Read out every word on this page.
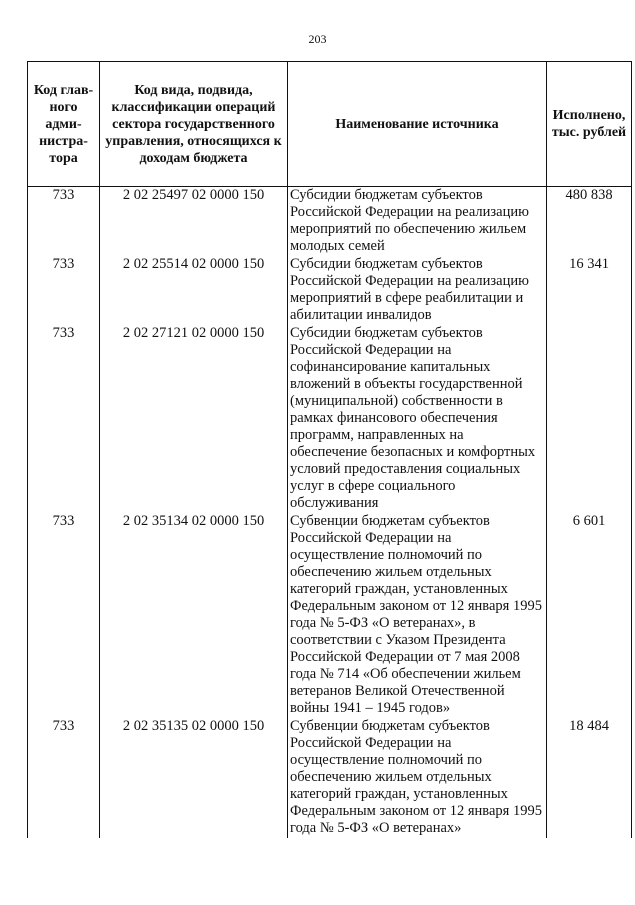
203
Код глав-ного адми-нистра-тора	Код вида, подвида, классификации операций сектора государственного управления, относящихся к доходам бюджета	Наименование источника	Исполнено, тыс. рублей
733	2 02 25497 02 0000 150	Субсидии бюджетам субъектов Российской Федерации на реализацию мероприятий по обеспечению жильем молодых семей	480 838
733	2 02 25514 02 0000 150	Субсидии бюджетам субъектов Российской Федерации на реализацию мероприятий в сфере реабилитации и абилитации инвалидов	16 341
733	2 02 27121 02 0000 150	Субсидии бюджетам субъектов Российской Федерации на софинансирование капитальных вложений в объекты государственной (муниципальной) собственности в рамках финансового обеспечения программ, направленных на обеспечение безопасных и комфортных условий предоставления социальных услуг в сфере социального обслуживания	
733	2 02 35134 02 0000 150	Субвенции бюджетам субъектов Российской Федерации на осуществление полномочий по обеспечению жильем отдельных категорий граждан, установленных Федеральным законом от 12 января 1995 года № 5-ФЗ «О ветеранах», в соответствии с Указом Президента Российской Федерации от 7 мая 2008 года № 714 «Об обеспечении жильем ветеранов Великой Отечественной войны 1941 – 1945 годов»	6 601
733	2 02 35135 02 0000 150	Субвенции бюджетам субъектов Российской Федерации на осуществление полномочий по обеспечению жильем отдельных категорий граждан, установленных Федеральным законом от 12 января 1995 года № 5-ФЗ «О ветеранах»	18 484
